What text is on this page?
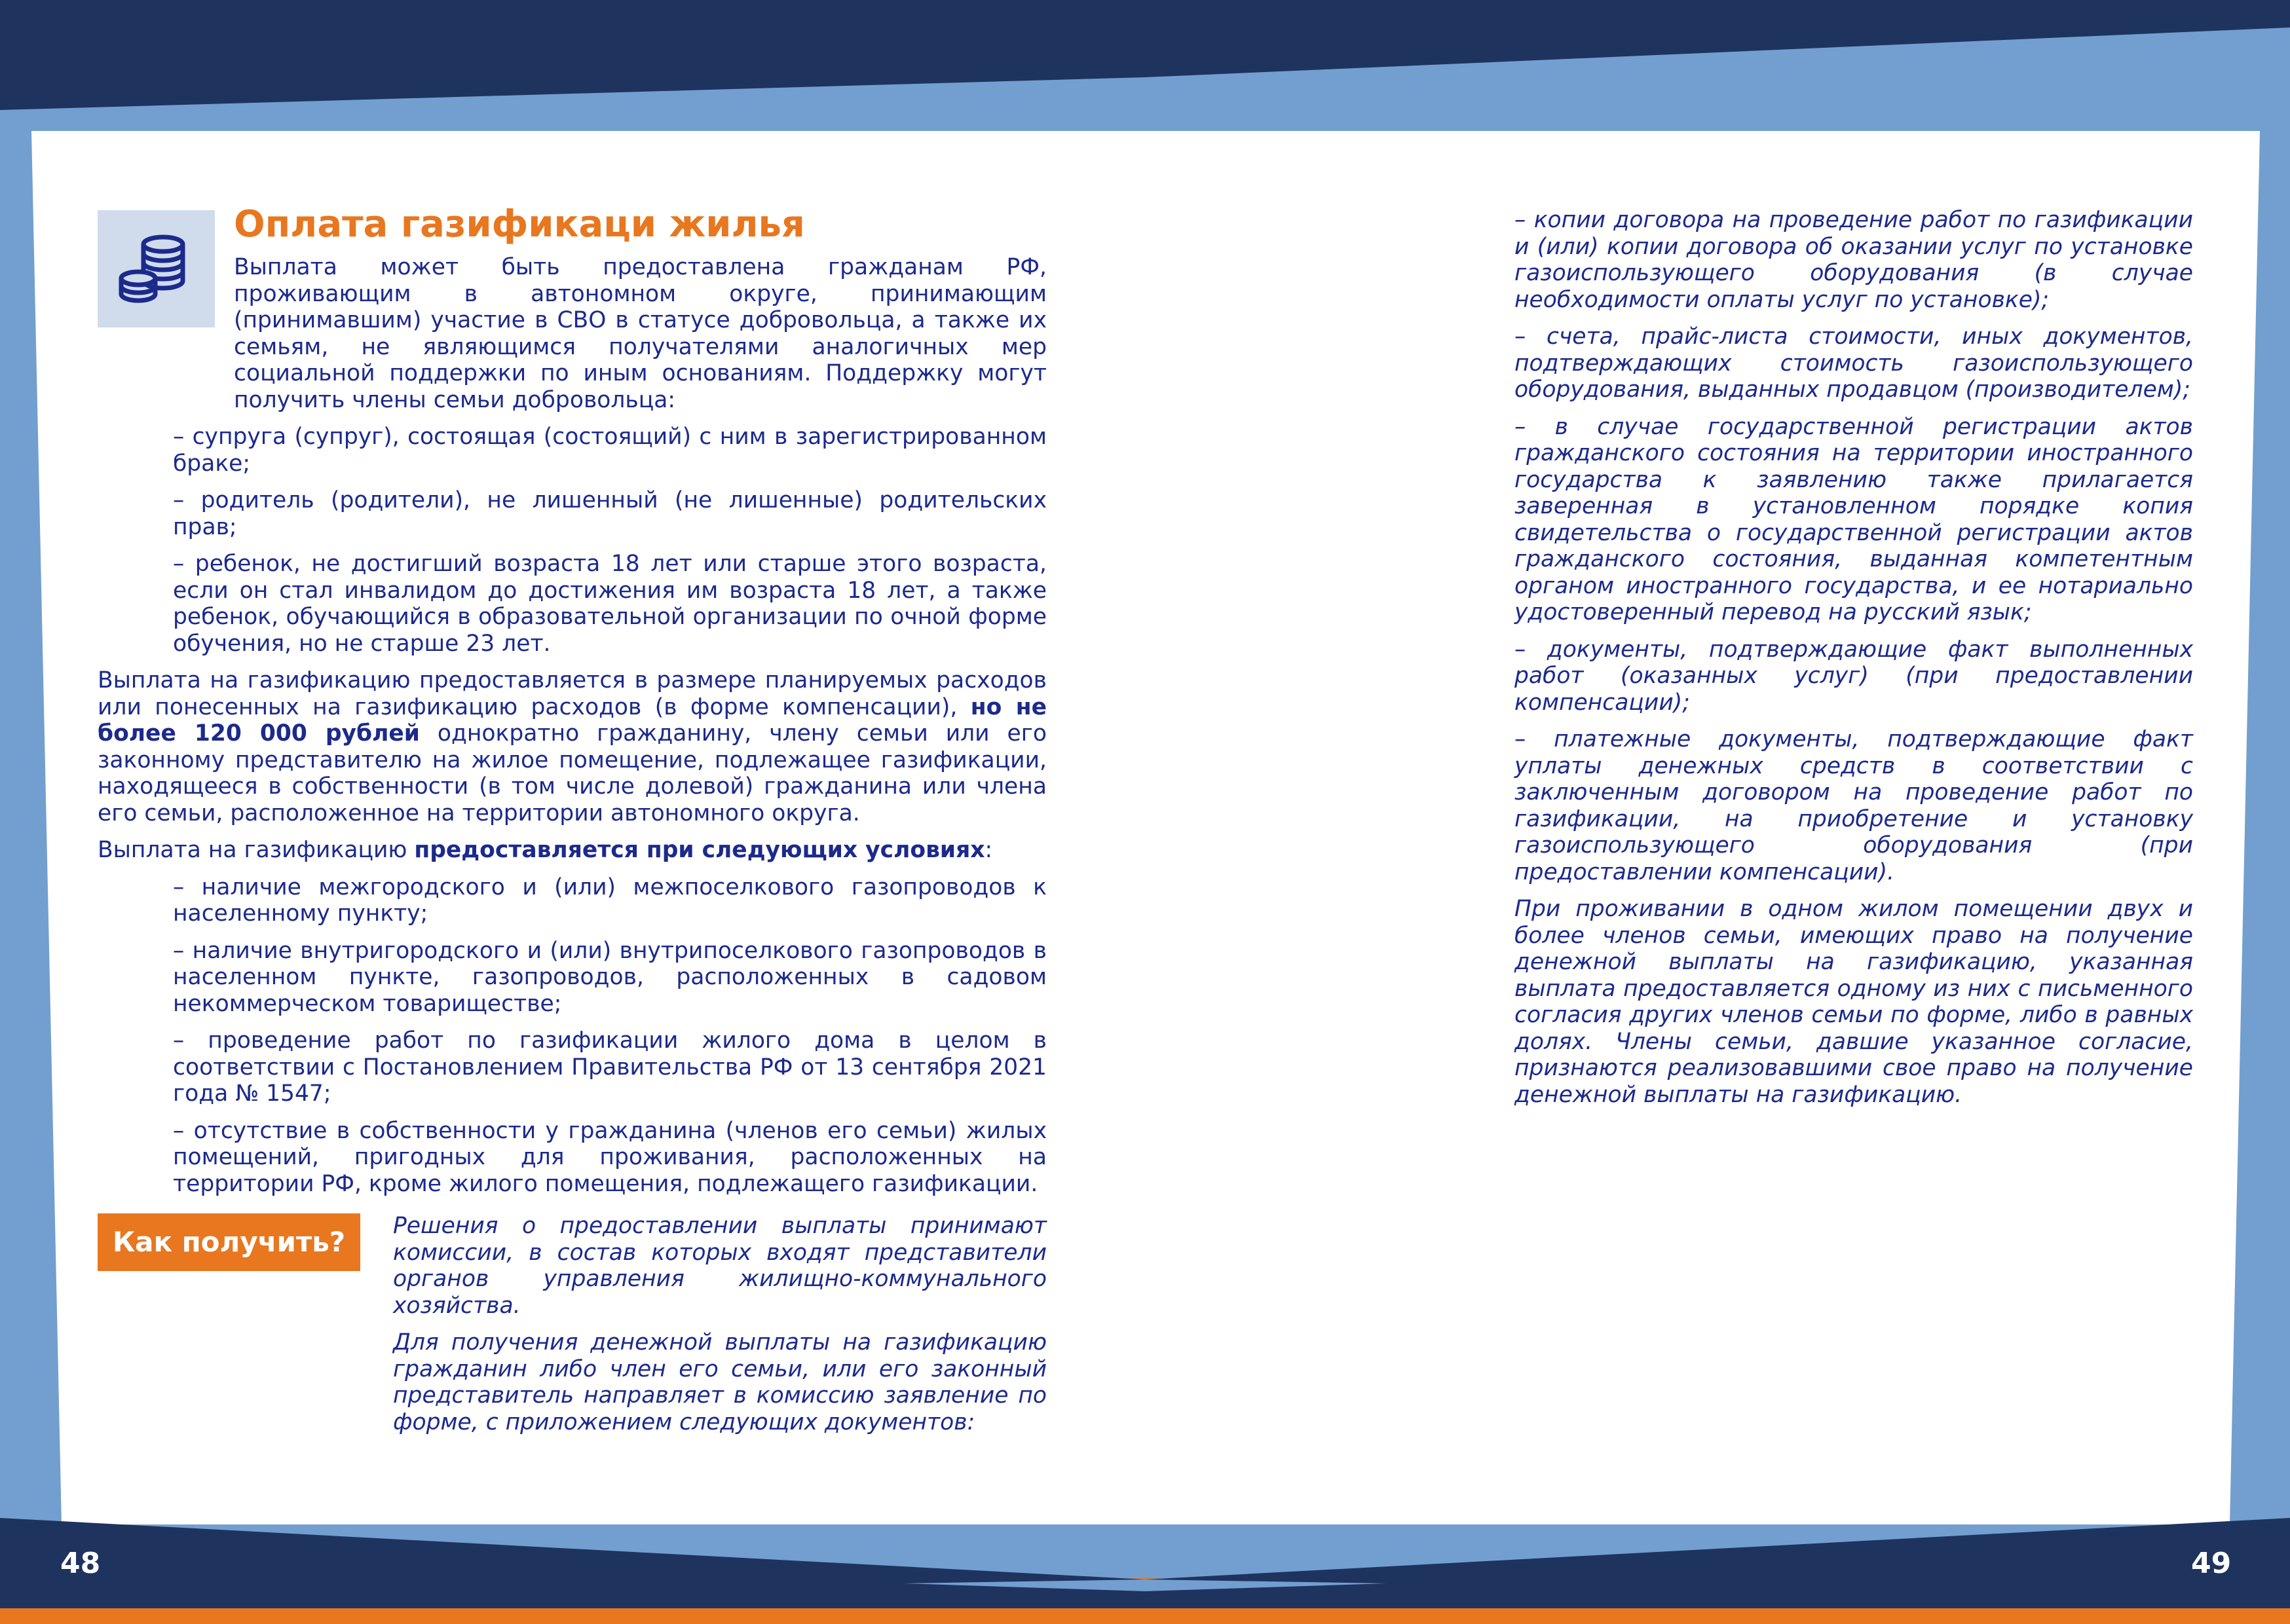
Оплата газификаци жилья

Выплата может быть предоставлена гражданам РФ, проживающим в автономном округе, принимающим (принимавшим) участие в СВО в статусе добровольца, а также их семьям, не являющимся получателями аналогичных мер социальной поддержки по иным основаниям. Поддержку могут получить члены семьи добровольца:

– супруга (супруг), состоящая (состоящий) с ним в зарегистрированном браке;

– родитель (родители), не лишенный (не лишенные) родительских прав;

– ребенок, не достигший возраста 18 лет или старше этого возраста, если он стал инвалидом до достижения им возраста 18 лет, а также ребенок, обучающийся в образовательной организации по очной форме обучения, но не старше 23 лет.

Выплата на газификацию предоставляется в размере планируемых расходов или понесенных на газификацию расходов (в форме компенсации), но не более 120 000 рублей однократно гражданину, члену семьи или его законному представителю на жилое помещение, подлежащее газификации, находящееся в собственности (в том числе долевой) гражданина или члена его семьи, расположенное на территории автономного округа.

Выплата на газификацию предоставляется при следующих условиях:

– наличие межгородского и (или) межпоселкового газопроводов к населенному пункту;

– наличие внутригородского и (или) внутрипоселкового газопроводов в населенном пункте, газопроводов, расположенных в садовом некоммерческом товариществе;

– проведение работ по газификации жилого дома в целом в соответствии с Постановлением Правительства РФ от 13 сентября 2021 года № 1547;

– отсутствие в собственности у гражданина (членов его семьи) жилых помещений, пригодных для проживания, расположенных на территории РФ, кроме жилого помещения, подлежащего газификации.

Как получить?	Решения о предоставлении выплаты принимают комиссии, в состав которых входят представители органов управления жилищно-коммунального хозяйства.

Для получения денежной выплаты на газификацию гражданин либо член его семьи, или его законный представитель направляет в комиссию заявление по форме, с приложением следующих документов:

– копии договора на проведение работ по газификации и (или) копии договора об оказании услуг по установке газоиспользующего оборудования (в случае необходимости оплаты услуг по установке);

– счета, прайс-листа стоимости, иных документов, подтверждающих стоимость газоиспользующего оборудования, выданных продавцом (производителем);

– в случае государственной регистрации актов гражданского состояния на территории иностранного государства к заявлению также прилагается заверенная в установленном порядке копия свидетельства о государственной регистрации актов гражданского состояния, выданная компетентным органом иностранного государства, и ее нотариально удостоверенный перевод на русский язык;

– документы, подтверждающие факт выполненных работ (оказанных услуг) (при предоставлении компенсации);

– платежные документы, подтверждающие факт уплаты денежных средств в соответствии с заключенным договором на проведение работ по газификации, на приобретение и установку газоиспользующего оборудования (при предоставлении компенсации).

При проживании в одном жилом помещении двух и более членов семьи, имеющих право на получение денежной выплаты на газификацию, указанная выплата предоставляется одному из них с письменного согласия других членов семьи по форме, либо в равных долях. Члены семьи, давшие указанное согласие, признаются реализовавшими свое право на получение денежной выплаты на газификацию.

48	49
